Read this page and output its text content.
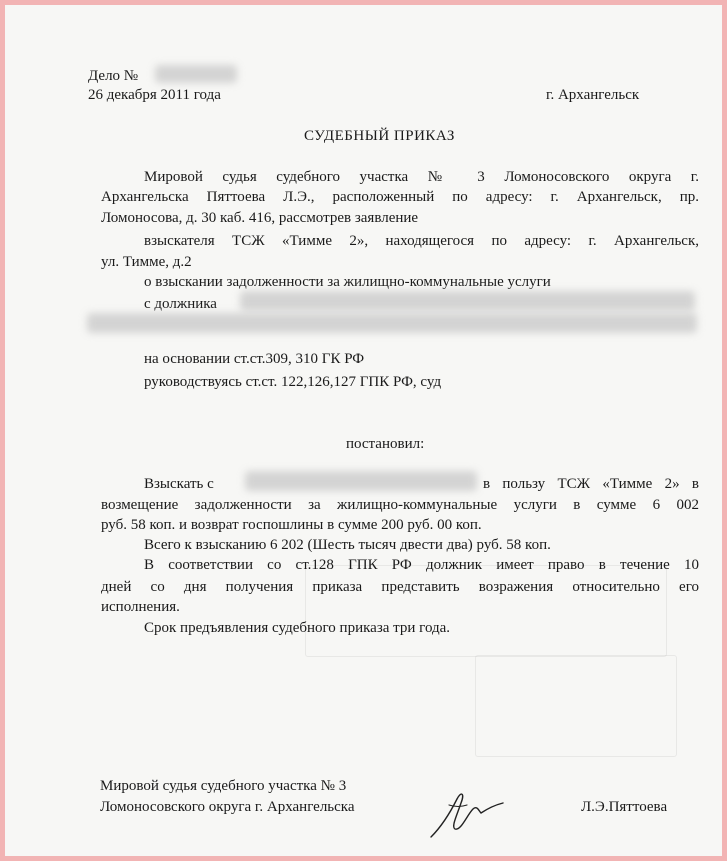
Дело №
26 декабря 2011 года	г. Архангельск
СУДЕБНЫЙ ПРИКАЗ
Мировой судья судебного участка № 3 Ломоносовского округа г.
Архангельска Пяттоева Л.Э., расположенный по адресу: г. Архангельск, пр.
Ломоносова, д. 30 каб. 416, рассмотрев заявление
взыскателя ТСЖ «Тимме 2», находящегося по адресу: г. Архангельск,
ул. Тимме, д.2
о взыскании задолженности за жилищно-коммунальные услуги
с должника
на основании ст.ст.309, 310 ГК РФ
руководствуясь ст.ст. 122,126,127 ГПК РФ, суд
постановил:
Взыскать с	в пользу ТСЖ «Тимме 2» в
возмещение задолженности за жилищно-коммунальные услуги в сумме 6 002
руб. 58 коп. и возврат госпошлины в сумме 200 руб. 00 коп.
Всего к взысканию 6 202 (Шесть тысяч двести два) руб. 58 коп.
В соответствии со ст.128 ГПК РФ должник имеет право в течение 10
дней со дня получения приказа представить возражения относительно его
исполнения.
Срок предъявления судебного приказа три года.
Мировой судья судебного участка № 3
Ломоносовского округа г. Архангельска	Л.Э.Пяттоева
